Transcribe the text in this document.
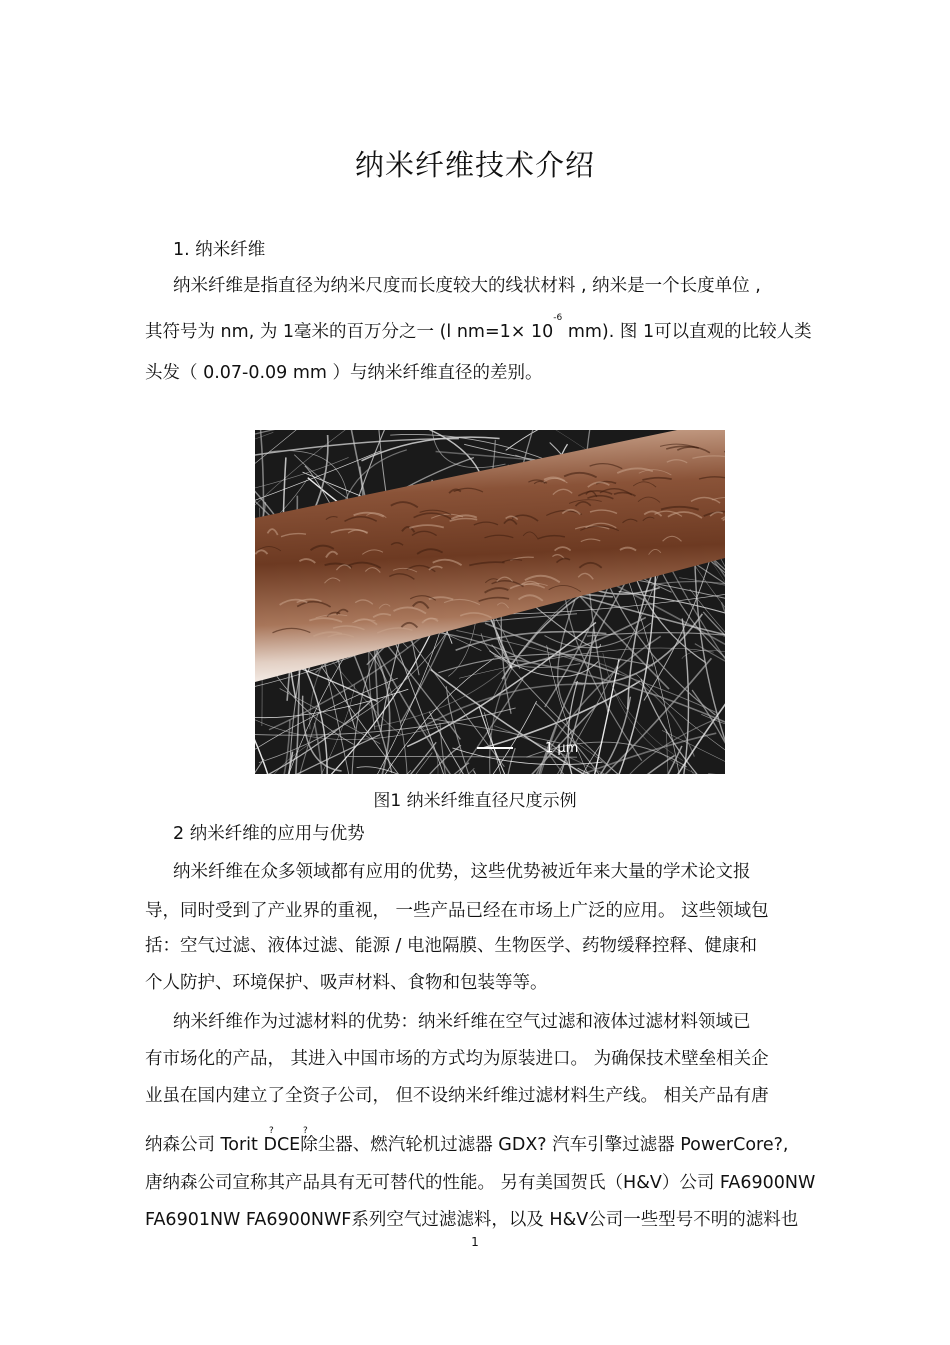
纳米纤维技术介绍
1. 纳米纤维
纳米纤维是指直径为纳米尺度而长度较大的线状材料 , 纳米是一个长度单位 ,
其符号为 nm, 为 1毫米的百万分之一 (l $nm=1\times 10^{-6}$ mm). 图 1可以直观的比较人类
头发（ 0.07-0.09 mm ）与纳米纤维直径的差别。
1 μm
图1 纳米纤维直径尺度示例
2 纳米纤维的应用与优势
纳米纤维在众多领域都有应用的优势，这些优势被近年来大量的学术论文报
导，同时受到了产业界的重视， 一些产品已经在市场上广泛的应用。 这些领域包
括：空气过滤、液体过滤、能源 / 电池隔膜、生物医学、药物缓释控释、健康和
个人防护、环境保护、吸声材料、食物和包装等等。
纳米纤维作为过滤材料的优势：纳米纤维在空气过滤和液体过滤材料领域已
有市场化的产品， 其进入中国市场的方式均为原装进口。 为确保技术壁垒相关企
业虽在国内建立了全资子公司， 但不设纳米纤维过滤材料生产线。 相关产品有唐
?	?
纳森公司 Torit DCE除尘器、燃汽轮机过滤器 GDX? 汽车引擎过滤器 PowerCore?,
唐纳森公司宣称其产品具有无可替代的性能。 另有美国贺氏（H&V）公司 FA6900NW
FA6901NW FA6900NWF系列空气过滤滤料，以及 H&V公司一些型号不明的滤料也
1
